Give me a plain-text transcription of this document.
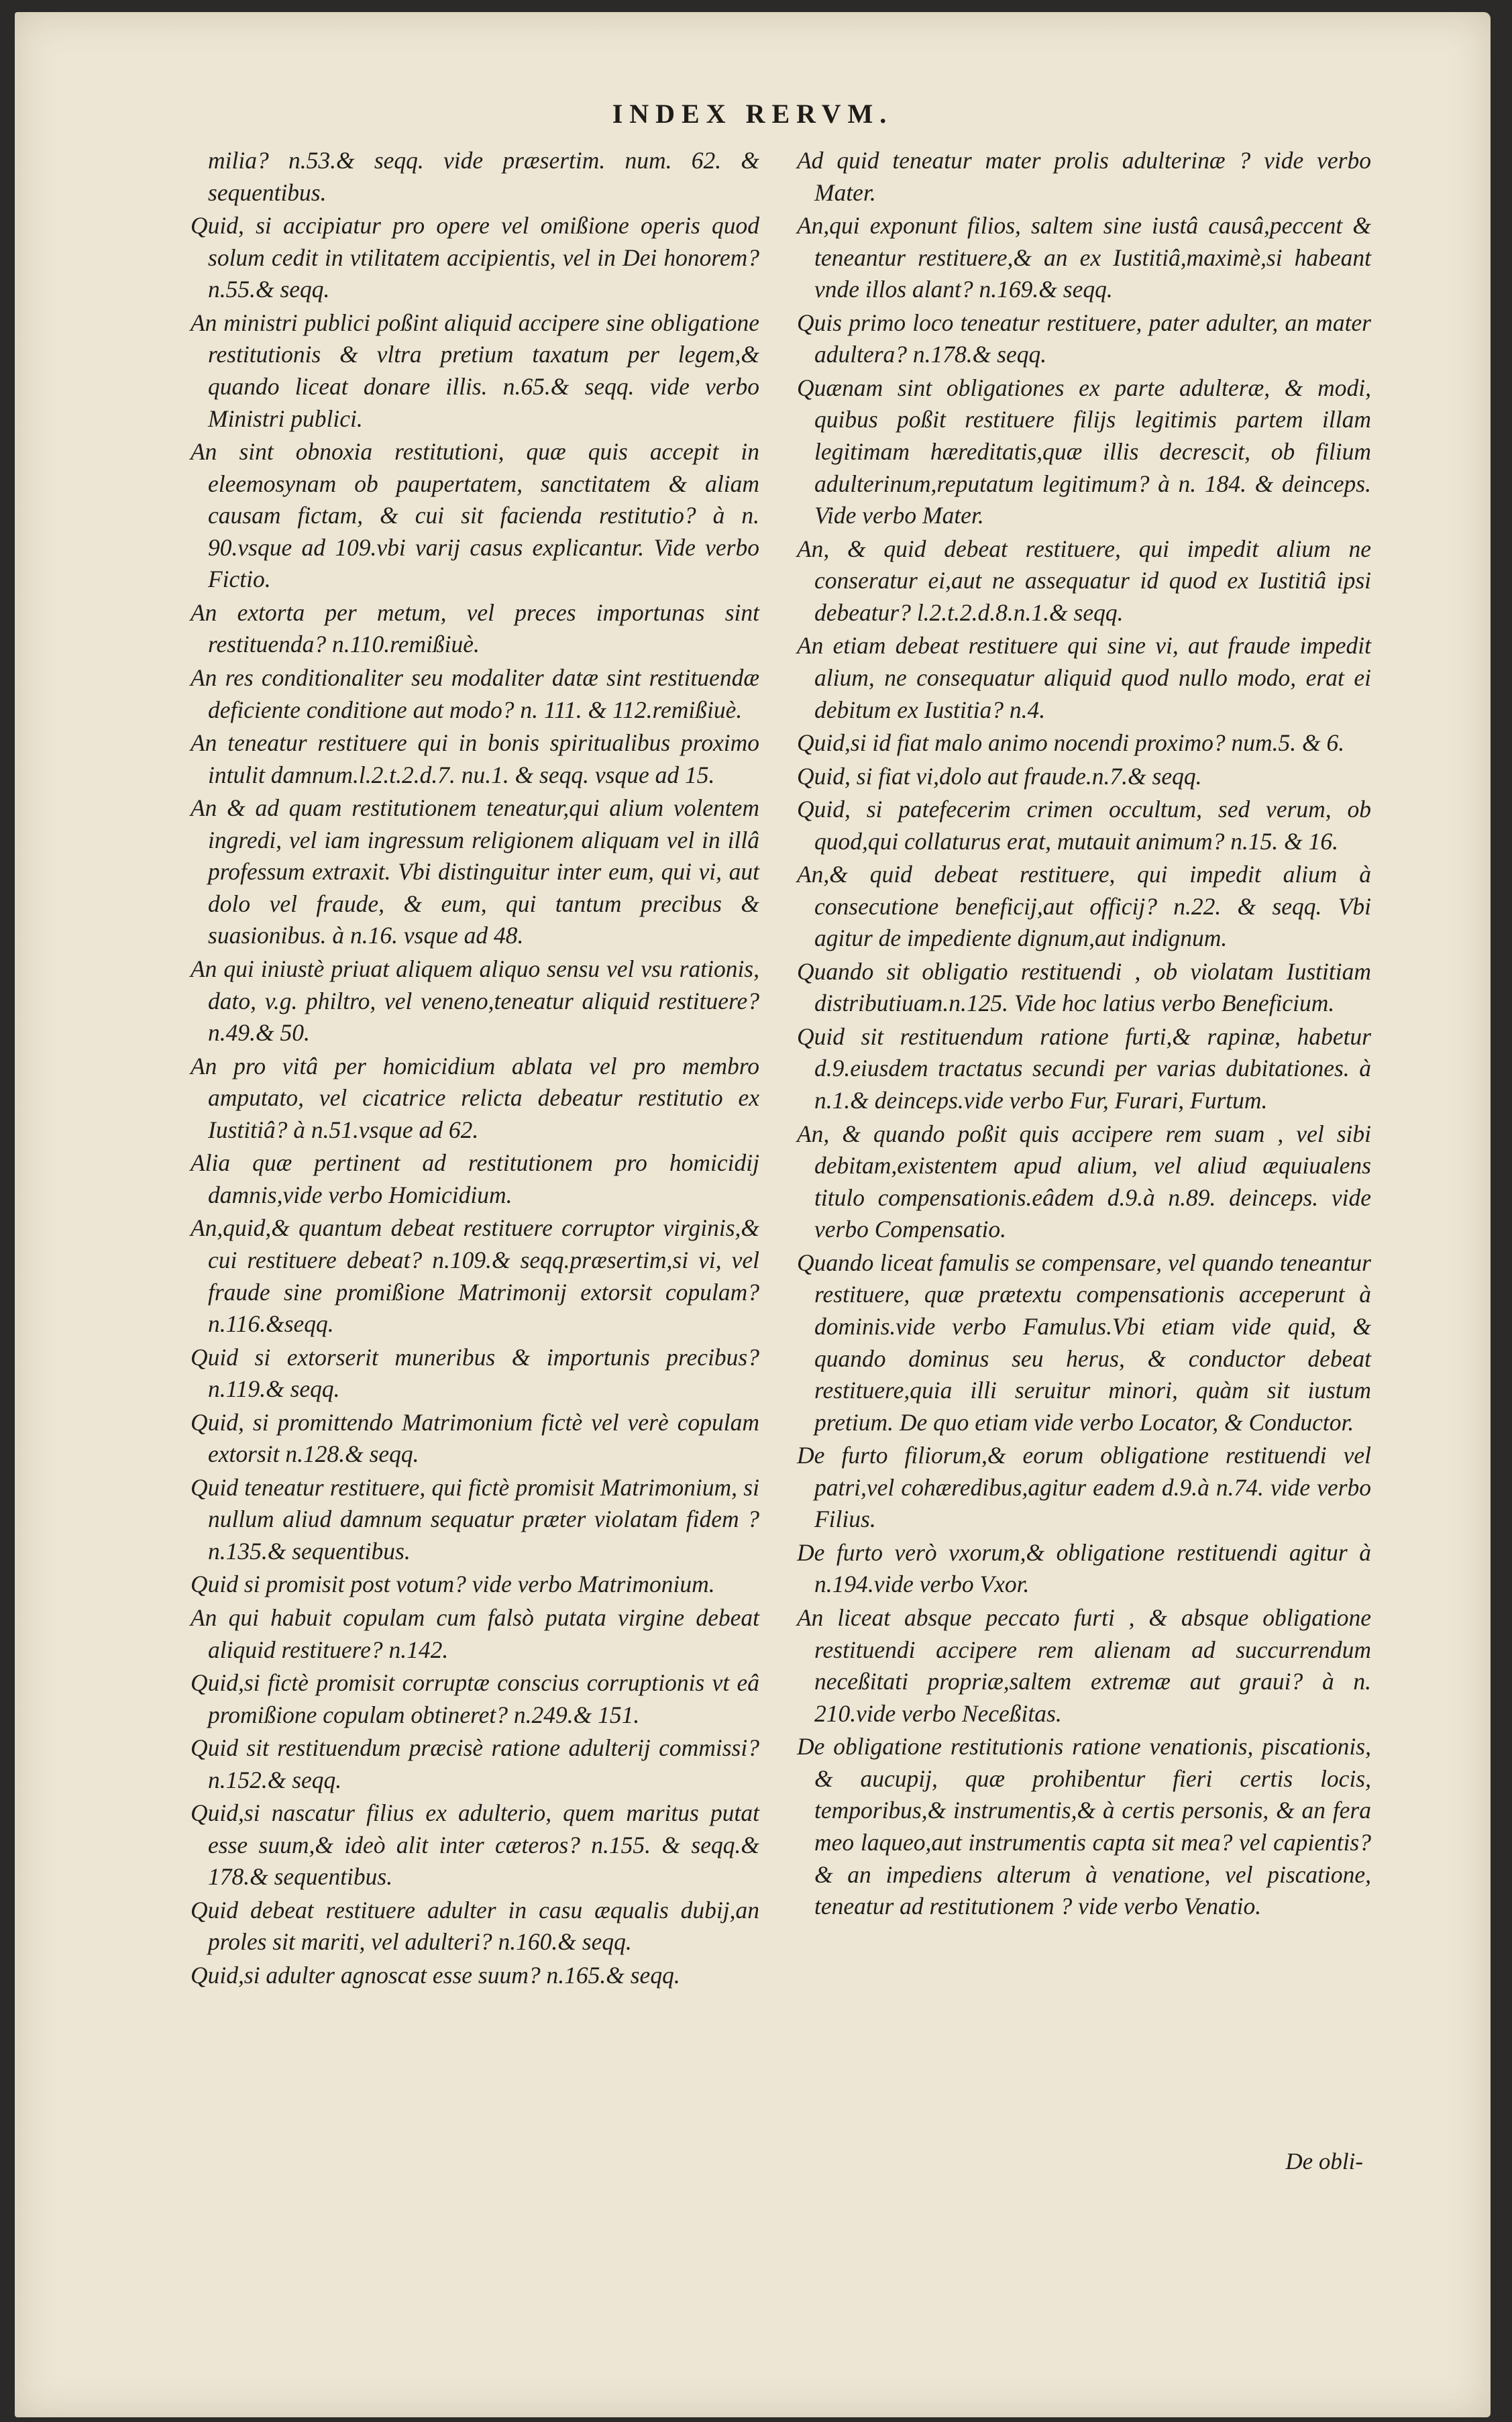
INDEX RERVM.

milia? n.53.& seqq. vide præsertim. num. 62. & sequentibus.

Quid, si accipiatur pro opere vel omißione operis quod solum cedit in vtilitatem accipientis, vel in Dei honorem? n.55.& seqq.

An ministri publici poßint aliquid accipere sine obligatione restitutionis & vltra pretium taxatum per legem,& quando liceat donare illis. n.65.& seqq. vide verbo Ministri publici.

An sint obnoxia restitutioni, quæ quis accepit in eleemosynam ob paupertatem, sanctitatem & aliam causam fictam, & cui sit facienda restitutio? à n. 90.vsque ad 109.vbi varij casus explicantur. Vide verbo Fictio.

An extorta per metum, vel preces importunas sint restituenda? n.110.remißiuè.

An res conditionaliter seu modaliter datæ sint restituendæ deficiente conditione aut modo? n. 111. & 112.remißiuè.

An teneatur restituere qui in bonis spiritualibus proximo intulit damnum.l.2.t.2.d.7. nu.1. & seqq. vsque ad 15.

An & ad quam restitutionem teneatur,qui alium volentem ingredi, vel iam ingressum religionem aliquam vel in illâ professum extraxit. Vbi distinguitur inter eum, qui vi, aut dolo vel fraude, & eum, qui tantum precibus & suasionibus. à n.16. vsque ad 48.

An qui iniustè priuat aliquem aliquo sensu vel vsu rationis, dato, v.g. philtro, vel veneno,teneatur aliquid restituere? n.49.& 50.

An pro vitâ per homicidium ablata vel pro membro amputato, vel cicatrice relicta debeatur restitutio ex Iustitiâ? à n.51.vsque ad 62.

Alia quæ pertinent ad restitutionem pro homicidij damnis,vide verbo Homicidium.

An,quid,& quantum debeat restituere corruptor virginis,& cui restituere debeat? n.109.& seqq.præsertim,si vi, vel fraude sine promißione Matrimonij extorsit copulam? n.116.&seqq.

Quid si extorserit muneribus & importunis precibus? n.119.& seqq.

Quid, si promittendo Matrimonium fictè vel verè copulam extorsit n.128.& seqq.

Quid teneatur restituere, qui fictè promisit Matrimonium, si nullum aliud damnum sequatur præter violatam fidem ? n.135.& sequentibus.

Quid si promisit post votum? vide verbo Matrimonium.

An qui habuit copulam cum falsò putata virgine debeat aliquid restituere? n.142.

Quid,si fictè promisit corruptæ conscius corruptionis vt eâ promißione copulam obtineret? n.249.& 151.

Quid sit restituendum præcisè ratione adulterij commissi? n.152.& seqq.

Quid,si nascatur filius ex adulterio, quem maritus putat esse suum,& ideò alit inter cæteros? n.155. & seqq.& 178.& sequentibus.

Quid debeat restituere adulter in casu æqualis dubij,an proles sit mariti, vel adulteri? n.160.& seqq.

Quid,si adulter agnoscat esse suum? n.165.& seqq.

Ad quid teneatur mater prolis adulterinæ ? vide verbo Mater.

An,qui exponunt filios, saltem sine iustâ causâ,peccent & teneantur restituere,& an ex Iustitiâ,maximè,si habeant vnde illos alant? n.169.& seqq.

Quis primo loco teneatur restituere, pater adulter, an mater adultera? n.178.& seqq.

Quænam sint obligationes ex parte adulteræ, & modi, quibus poßit restituere filijs legitimis partem illam legitimam hæreditatis,quæ illis decrescit, ob filium adulterinum,reputatum legitimum? à n. 184. & deinceps. Vide verbo Mater.

An, & quid debeat restituere, qui impedit alium ne conseratur ei,aut ne assequatur id quod ex Iustitiâ ipsi debeatur? l.2.t.2.d.8.n.1.& seqq.

An etiam debeat restituere qui sine vi, aut fraude impedit alium, ne consequatur aliquid quod nullo modo, erat ei debitum ex Iustitia? n.4.

Quid,si id fiat malo animo nocendi proximo? num.5. & 6.

Quid, si fiat vi,dolo aut fraude.n.7.& seqq.

Quid, si patefecerim crimen occultum, sed verum, ob quod,qui collaturus erat, mutauit animum? n.15. & 16.

An,& quid debeat restituere, qui impedit alium à consecutione beneficij,aut officij? n.22. & seqq. Vbi agitur de impediente dignum,aut indignum.

Quando sit obligatio restituendi , ob violatam Iustitiam distributiuam.n.125. Vide hoc latius verbo Beneficium.

Quid sit restituendum ratione furti,& rapinæ, habetur d.9.eiusdem tractatus secundi per varias dubitationes. à n.1.& deinceps.vide verbo Fur, Furari, Furtum.

An, & quando poßit quis accipere rem suam , vel sibi debitam,existentem apud alium, vel aliud æquiualens titulo compensationis.eâdem d.9.à n.89. deinceps. vide verbo Compensatio.

Quando liceat famulis se compensare, vel quando teneantur restituere, quæ prætextu compensationis acceperunt à dominis.vide verbo Famulus.Vbi etiam vide quid, & quando dominus seu herus, & conductor debeat restituere,quia illi seruitur minori, quàm sit iustum pretium. De quo etiam vide verbo Locator, & Conductor.

De furto filiorum,& eorum obligatione restituendi vel patri,vel cohæredibus,agitur eadem d.9.à n.74. vide verbo Filius.

De furto verò vxorum,& obligatione restituendi agitur à n.194.vide verbo Vxor.

An liceat absque peccato furti , & absque obligatione restituendi accipere rem alienam ad succurrendum neceßitati propriæ,saltem extremæ aut graui? à n. 210.vide verbo Neceßitas.

De obligatione restitutionis ratione venationis, piscationis, & aucupij, quæ prohibentur fieri certis locis, temporibus,& instrumentis,& à certis personis, & an fera meo laqueo,aut instrumentis capta sit mea? vel capientis? & an impediens alterum à venatione, vel piscatione, teneatur ad restitutionem ? vide verbo Venatio.

De obli-
